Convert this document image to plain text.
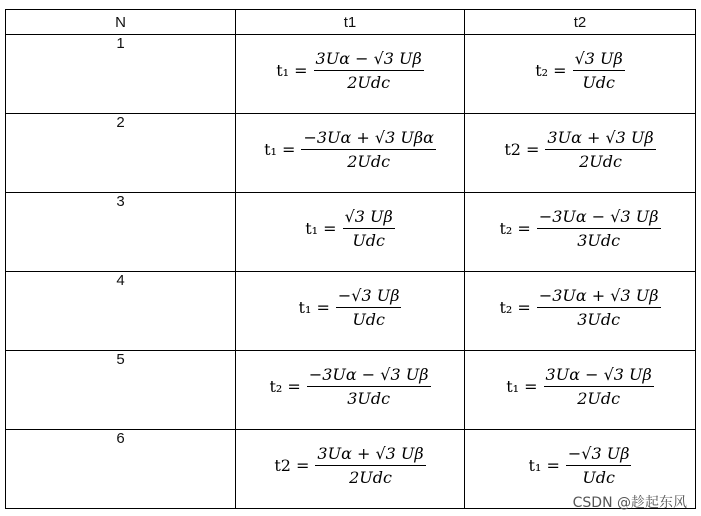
N	t1	t2
1	$t_1 = \frac{3U\alpha - √3 U\beta}{\text{2Udc}}$	$t_2 = \frac{√3 U\beta}{\text{Udc}}$

2	$t_1 = \frac{\text{−3Uα + √3 Uβα}}{\text{2Udc}}$	$t2 = \frac{3U\alpha + √3 U\beta}{\text{2Udc}}$

3	$t_1 = \frac{√3 U\beta}{\text{Udc}}$	$t_2 = \frac{-3U\alpha - √3 U\beta}{\text{3Udc}}$

4	$t_1 = \frac{-√3 U\beta}{\text{Udc}}$	$t_2 = \frac{-3U\alpha + √3 U\beta}{\text{3Udc}}$

5	$t_2 = \frac{-3U\alpha - √3 U\beta}{\text{3Udc}}$	$t_1 = \frac{3U\alpha - √3 U\beta}{\text{2Udc}}$

6	$t2 = \frac{3U\alpha + √3 U\beta}{\text{2Udc}}$	$t_1 = \frac{-√3 U\beta}{\text{Udc}}$
CSDN @趁起东风
